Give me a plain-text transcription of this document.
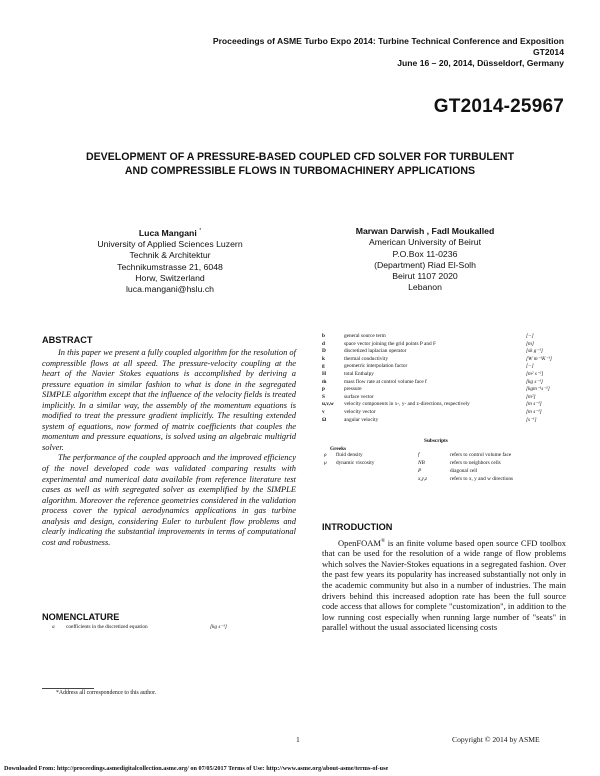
Proceedings of ASME Turbo Expo 2014: Turbine Technical Conference and Exposition
GT2014
June 16 – 20, 2014, Düsseldorf, Germany
GT2014-25967
DEVELOPMENT OF A PRESSURE-BASED COUPLED CFD SOLVER FOR TURBULENT AND COMPRESSIBLE FLOWS IN TURBOMACHINERY APPLICATIONS
Luca Mangani *
University of Applied Sciences Luzern
Technik & Architektur
Technikumstrasse 21, 6048
Horw, Switzerland
luca.mangani@hslu.ch
Marwan Darwish , Fadl Moukalled
American University of Beirut
P.O.Box 11-0236
(Department) Riad El-Solh
Beirut 1107 2020
Lebanon
ABSTRACT

In this paper we present a fully coupled algorithm for the resolution of compressible flows at all speed. The pressure-velocity coupling at the heart of the Navier Stokes equations is accomplished by deriving a pressure equation in similar fashion to what is done in the segregated SIMPLE algorithm except that the influence of the velocity fields is treated implicitly. In a similar way, the assembly of the momentum equations is modified to treat the pressure gradient implicitly. The resulting extended system of equations, now formed of matrix coefficients that couples the momentum and pressure equations, is solved using an algebraic multigrid solver.

The performance of the coupled approach and the improved efficiency of the novel developed code was validated comparing results with experimental and numerical data available from reference literature test cases as well as with segregated solver as exemplified by the SIMPLE algorithm. Moreover the reference geometries considered in the validation process cover the typical aerodynamics applications in gas turbine analysis and design, considering Euler to turbulent flow problems and clearly indicating the substantial improvements in terms of computational cost and robustness.

NOMENCLATURE
a coefficients in the discretized equation	[kg s⁻¹]
*Address all correspondence to this author.
b	general source term	[−]
d	space vector joining the grid points P and F	[m]
D	discretized laplacian operator	[sk g⁻¹]
k	thermal conductivity	[W m⁻¹K⁻¹]
g	geometric interpolation factor	[−]
H	total Enthalpy	[m² s⁻²]
ṁ	mass flow rate at control volume face f	[kg s⁻¹]
p	pressure	[kgm⁻¹s⁻²]
S	surface vector	[m²]
u,v,w velocity components in x-, y- and z-directions, respectively	[m s⁻¹]
v	velocity vector	[m s⁻¹]
Ω	angular velocity	[s⁻¹]
Greeks
Subscripts
ρ fluid density	f	refers to control volume face
μ dynamic viscosity	NB	refers to neighbors cells
P	diagonal cell
x,y,z	refers to x, y and w directions
INTRODUCTION

OpenFOAM® is an finite volume based open source CFD toolbox that can be used for the resolution of a wide range of flow problems which solves the Navier-Stokes equations in a segregated fashion. Over the past few years its popularity has increased substantially not only in the academic community but also in a number of industries. The main drivers behind this increased adoption rate has been the full source code access that allows for complete "customization", in addition to the low running cost especially when running large number of "seats" in parallel without the usual associated licensing costs

1	Copyright © 2014 by ASME
Downloaded From: http://proceedings.asmedigitalcollection.asme.org/ on 07/05/2017 Terms of Use: http://www.asme.org/about-asme/terms-of-use
